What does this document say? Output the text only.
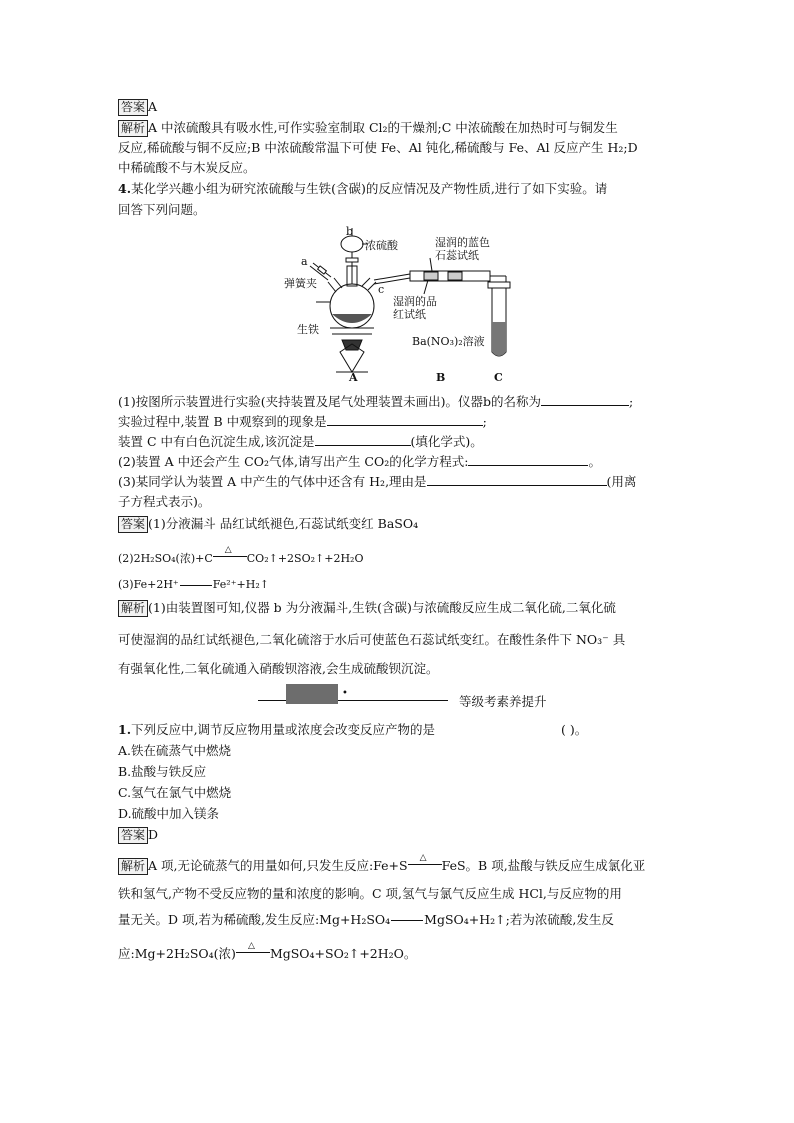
答案 A
解析 A 中浓硫酸具有吸水性,可作实验室制取 Cl₂的干燥剂;C 中浓硫酸在加热时可与铜发生
反应,稀硫酸与铜不反应;B 中浓硫酸常温下可使 Fe、Al 钝化,稀硫酸与 Fe、Al 反应产生 H₂;D
中稀硫酸不与木炭反应。
4.某化学兴趣小组为研究浓硫酸与生铁(含碳)的反应情况及产物性质,进行了如下实验。请
回答下列问题。
b
浓硫酸
a
c
弹簧夹
生铁
湿润的蓝色
石蕊试纸
湿润的品
红试纸
Ba(NO₃)₂溶液
A	B	C
(1)按图所示装置进行实验(夹持装置及尾气处理装置未画出)。仪器b的名称为	;
实验过程中,装置 B 中观察到的现象是	;
装置 C 中有白色沉淀生成,该沉淀是	(填化学式)。
(2)装置 A 中还会产生 CO₂气体,请写出产生 CO₂的化学方程式:	。
(3)某同学认为装置 A 中产生的气体中还含有 H₂,理由是	(用离
子方程式表示)。
答案 (1)分液漏斗 品红试纸褪色,石蕊试纸变红 BaSO₄
(2)2H₂SO₄(浓)+C
△
CO₂↑+2SO₂↑+2H₂O
(3)Fe+2H⁺	Fe²⁺+H₂↑
解析 (1)由装置图可知,仪器 b 为分液漏斗,生铁(含碳)与浓硫酸反应生成二氧化硫,二氧化硫
可使湿润的品红试纸褪色,二氧化硫溶于水后可使蓝色石蕊试纸变红。在酸性条件下 NO₃⁻ 具
有强氧化性,二氧化硫通入硝酸钡溶液,会生成硫酸钡沉淀。
•
等级考素养提升
1.下列反应中,调节反应物用量或浓度会改变反应产物的是	( )。
A.铁在硫蒸气中燃烧
B.盐酸与铁反应
C.氢气在氯气中燃烧
D.硫酸中加入镁条
答案 D
解析 A 项,无论硫蒸气的用量如何,只发生反应:Fe+S △ FeS。B 项,盐酸与铁反应生成氯化亚
铁和氢气,产物不受反应物的量和浓度的影响。C 项,氢气与氯气反应生成 HCl,与反应物的用
量无关。D 项,若为稀硫酸,发生反应:Mg+H₂SO₄	MgSO₄+H₂↑;若为浓硫酸,发生反
应:Mg+2H₂SO₄(浓) △ MgSO₄+SO₂↑+2H₂O。
